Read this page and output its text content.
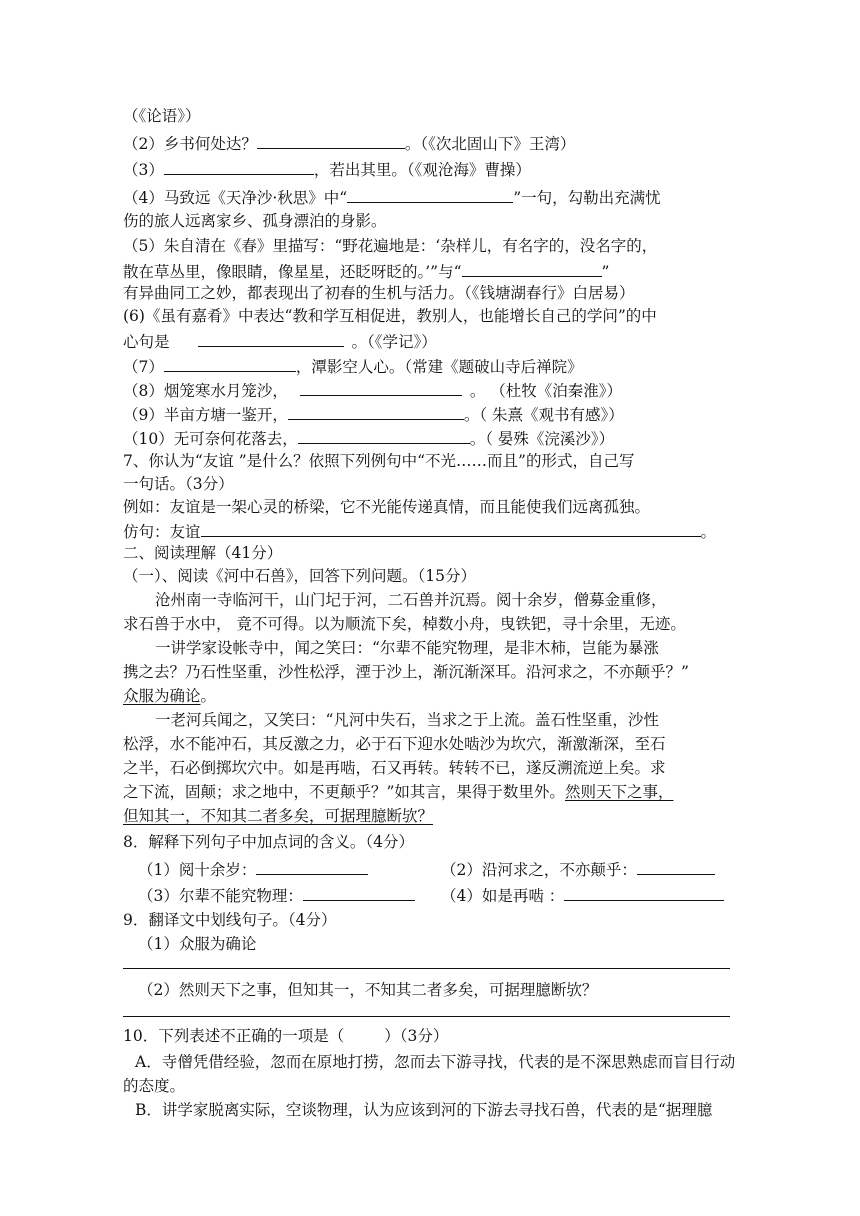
（《论语》）
（2）乡书何处达？	。（《次北固山下》王湾）
（3）	，若出其里。（《观沧海》曹操）
（4）马致远《天净沙·秋思》中“	”一句，勾勒出充满忧
伤的旅人远离家乡、孤身漂泊的身影。
（5）朱自清在《春》里描写：“野花遍地是：‘杂样儿，有名字的，没名字的，
散在草丛里，像眼睛，像星星，还眨呀眨的。’”与“	”
有异曲同工之妙，都表现出了初春的生机与活力。（《钱塘湖春行》白居易）
(6)《虽有嘉肴》中表达“教和学互相促进，教别人，也能增长自己的学问”的中
心句是	。（《学记》）
（7）	，潭影空人心。（常建《题破山寺后禅院》
（8）烟笼寒水月笼沙，	。 （杜牧《泊秦淮》）
（9）半亩方塘一鉴开，	。（ 朱熹《观书有感》）
（10）无可奈何花落去，	。（ 晏殊《浣溪沙》）
7、你认为“友谊 ”是什么？依照下列例句中“不光……而且”的形式，自己写
一句话。（3分）
例如：友谊是一架心灵的桥梁，它不光能传递真情，而且能使我们远离孤独。
仿句：友谊	。
二、阅读理解（41分）
（一）、阅读《河中石兽》，回答下列问题。（15分）
沧州南一寺临河干，山门圮于河，二石兽并沉焉。阅十余岁，僧募金重修，
求石兽于水中， 竟不可得。以为顺流下矣，棹数小舟，曳铁钯，寻十余里，无迹。
一讲学家设帐寺中，闻之笑曰：“尔辈不能究物理，是非木柿，岂能为暴涨
携之去？乃石性坚重，沙性松浮，湮于沙上，渐沉渐深耳。沿河求之，不亦颠乎？”
众服为确论。
一老河兵闻之，又笑曰：“凡河中失石，当求之于上流。盖石性坚重，沙性
松浮，水不能冲石，其反激之力，必于石下迎水处啮沙为坎穴，渐激渐深，至石
之半，石必倒掷坎穴中。如是再啮，石又再转。转转不已，遂反溯流逆上矣。求
之下流，固颠；求之地中，不更颠乎？”如其言，果得于数里外。然则天下之事，
但知其一，不知其二者多矣，可据理臆断欤？
8．解释下列句子中加点词的含义。（4分）
（1）阅十余岁：	（2）沿河求之，不亦颠乎：
（3）尔辈不能究物理：	（4）如是再啮 ：
9．翻译文中划线句子。（4分）
（1）众服为确论
（2）然则天下之事，但知其一，不知其二者多矣，可据理臆断欤？
10．下列表述不正确的一项是（	）（3分）
A．寺僧凭借经验，忽而在原地打捞，忽而去下游寻找，代表的是不深思熟虑而盲目行动
的态度。
B．讲学家脱离实际，空谈物理，认为应该到河的下游去寻找石兽，代表的是“据理臆
